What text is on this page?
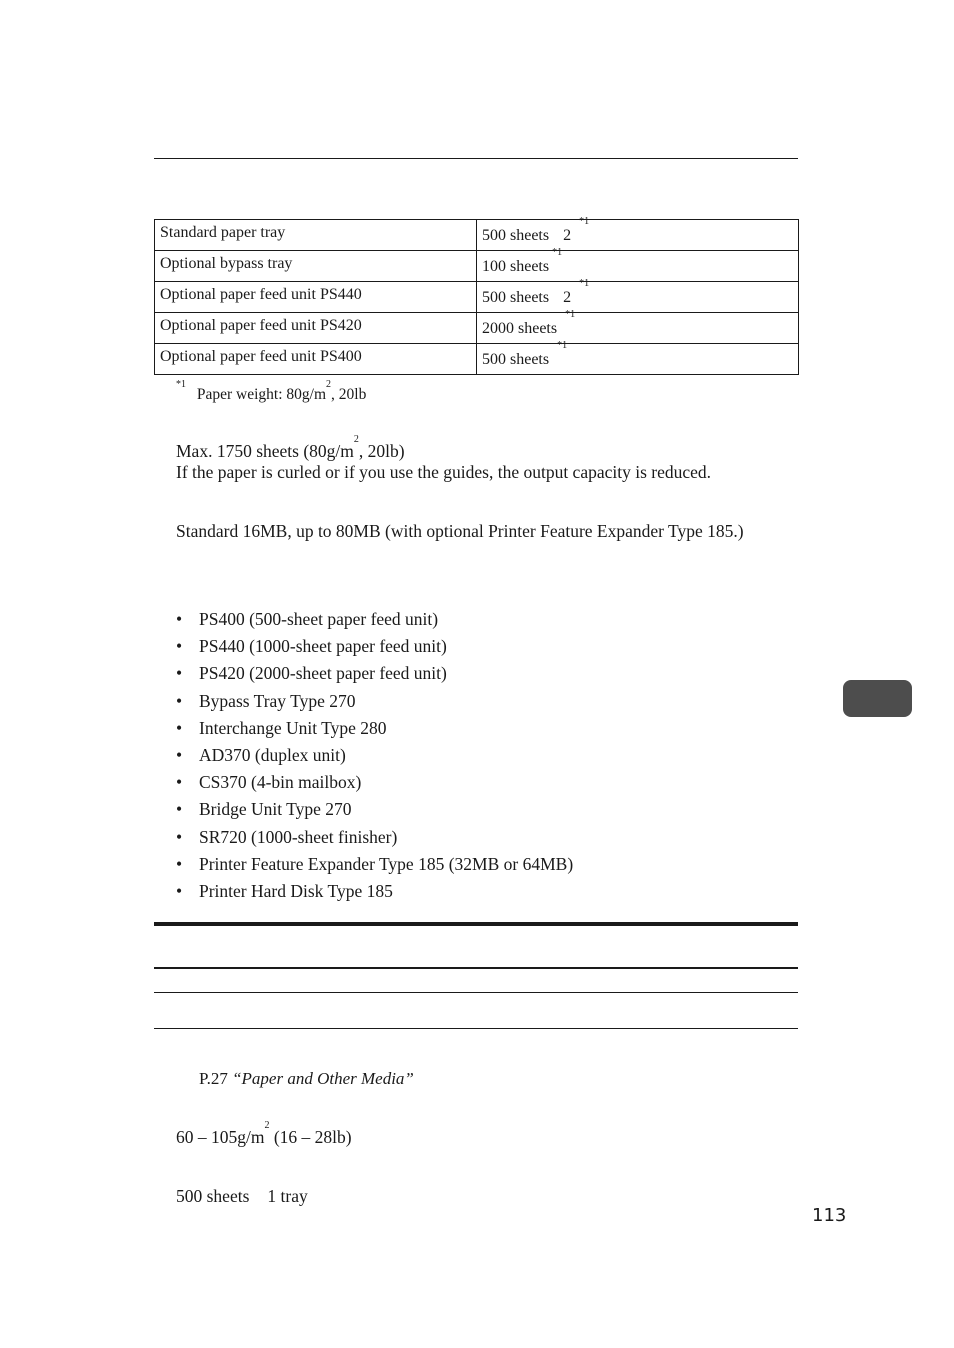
Standard paper tray	500 sheets 2$^{*1}$
Optional bypass tray	100 sheets$^{*1}$
Optional paper feed unit PS440	500 sheets 2$^{*1}$
Optional paper feed unit PS420	2000 sheets$^{*1}$
Optional paper feed unit PS400	500 sheets$^{*1}$
$^{*1}$ Paper weight: $80g/m^2$, 20lb
Max. 1750 sheets ($80g/m^2$, 20lb)
If the paper is curled or if you use the guides, the output capacity is reduced.
Standard 16MB, up to 80MB (with optional Printer Feature Expander Type 185.)
• PS400 (500-sheet paper feed unit)
• PS440 (1000-sheet paper feed unit)
• PS420 (2000-sheet paper feed unit)
• Bypass Tray Type 270
• Interchange Unit Type 280
• AD370 (duplex unit)
• CS370 (4-bin mailbox)
• Bridge Unit Type 270
• SR720 (1000-sheet finisher)
• Printer Feature Expander Type 185 (32MB or 64MB)
• Printer Hard Disk Type 185
P.27 “Paper and Other Media”
$60 - 105g/m^2$ (16 – 28lb)
500 sheets 1 tray
113
